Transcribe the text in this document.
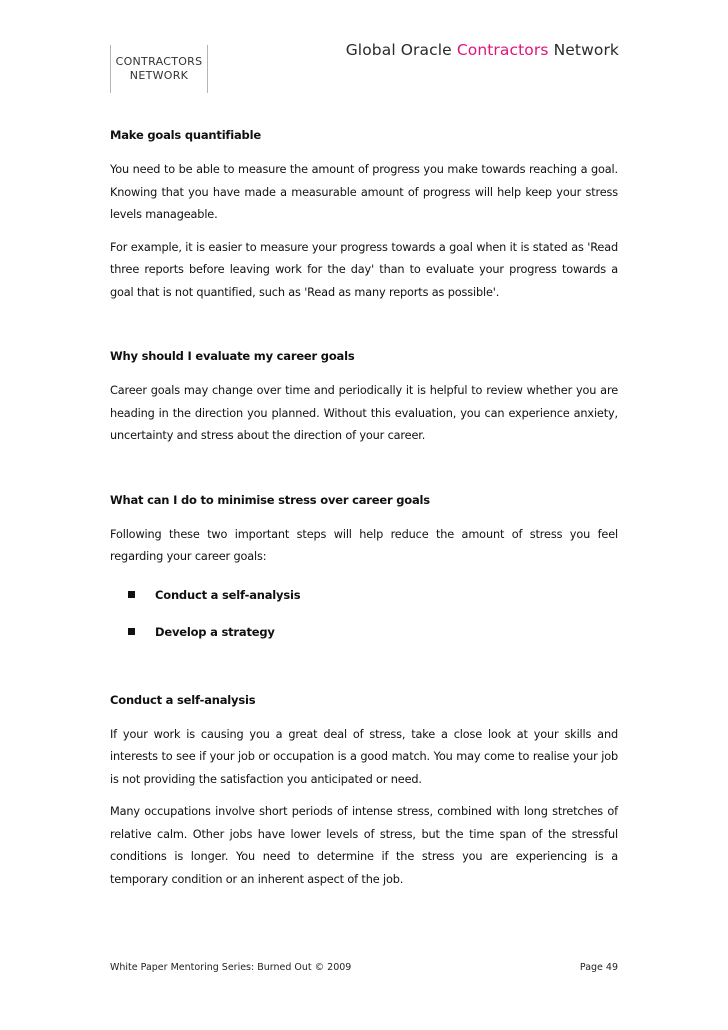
CONTRACTORS
NETWORK
Global Oracle Contractors Network
Make goals quantifiable

You need to be able to measure the amount of progress you make towards reaching a goal. Knowing that you have made a measurable amount of progress will help keep your stress levels manageable.

For example, it is easier to measure your progress towards a goal when it is stated as 'Read three reports before leaving work for the day' than to evaluate your progress towards a goal that is not quantified, such as 'Read as many reports as possible'.

Why should I evaluate my career goals

Career goals may change over time and periodically it is helpful to review whether you are heading in the direction you planned. Without this evaluation, you can experience anxiety, uncertainty and stress about the direction of your career.

What can I do to minimise stress over career goals

Following these two important steps will help reduce the amount of stress you feel regarding your career goals:

Conduct a self-analysis
Develop a strategy
Conduct a self-analysis

If your work is causing you a great deal of stress, take a close look at your skills and interests to see if your job or occupation is a good match. You may come to realise your job is not providing the satisfaction you anticipated or need.

Many occupations involve short periods of intense stress, combined with long stretches of relative calm. Other jobs have lower levels of stress, but the time span of the stressful conditions is longer. You need to determine if the stress you are experiencing is a temporary condition or an inherent aspect of the job.

White Paper Mentoring Series: Burned Out © 2009	Page 49
